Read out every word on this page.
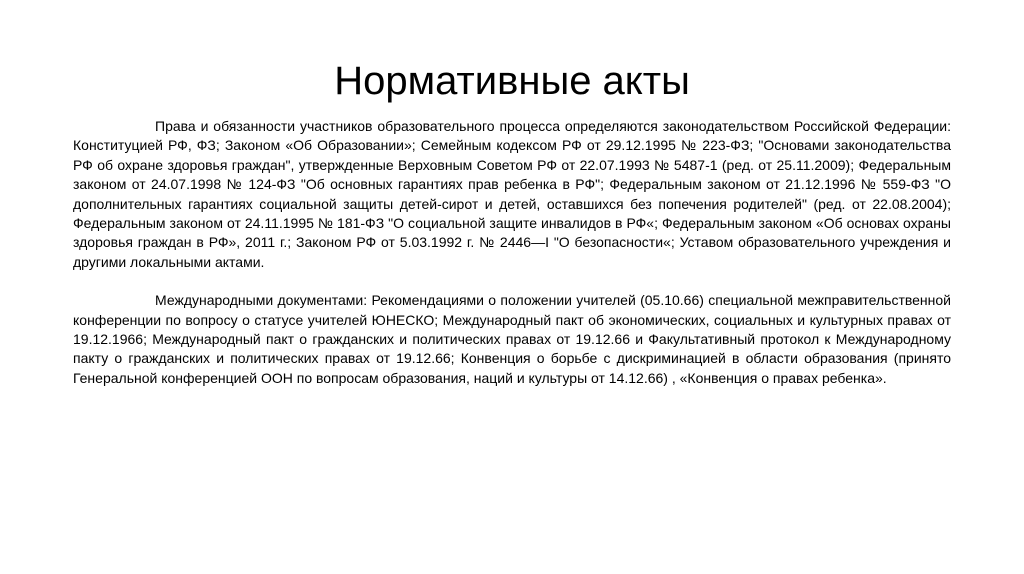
Нормативные акты

Права и обязанности участников образовательного процесса определяются законодательством Российской Федерации: Конституцией РФ, ФЗ; Законом «Об Образовании»; Семейным кодексом РФ от 29.12.1995 № 223-ФЗ; "Основами законодательства РФ об охране здоровья граждан", утвержденные Верховным Советом РФ от 22.07.1993 № 5487-1 (ред. от 25.11.2009); Федеральным законом от 24.07.1998 № 124-ФЗ "Об основных гарантиях прав ребенка в РФ"; Федеральным законом от 21.12.1996 № 559-ФЗ "О дополнительных гарантиях социальной защиты детей-сирот и детей, оставшихся без попечения родителей" (ред. от 22.08.2004); Федеральным законом от 24.11.1995 № 181-ФЗ "О социальной защите инвалидов в РФ«; Федеральным законом «Об основах охраны здоровья граждан в РФ», 2011 г.; Законом РФ от 5.03.1992 г. № 2446—I "О безопасности«; Уставом образовательного учреждения и другими локальными актами.

Международными документами: Рекомендациями о положении учителей (05.10.66) специальной межправительственной конференции по вопросу о статусе учителей ЮНЕСКО; Международный пакт об экономических, социальных и культурных правах от 19.12.1966; Международный пакт о гражданских и политических правах от 19.12.66 и Факультативный протокол к Международному пакту о гражданских и политических правах от 19.12.66; Конвенция о борьбе с дискриминацией в области образования (принято Генеральной конференцией ООН по вопросам образования, наций и культуры от 14.12.66) , «Конвенция о правах ребенка».
